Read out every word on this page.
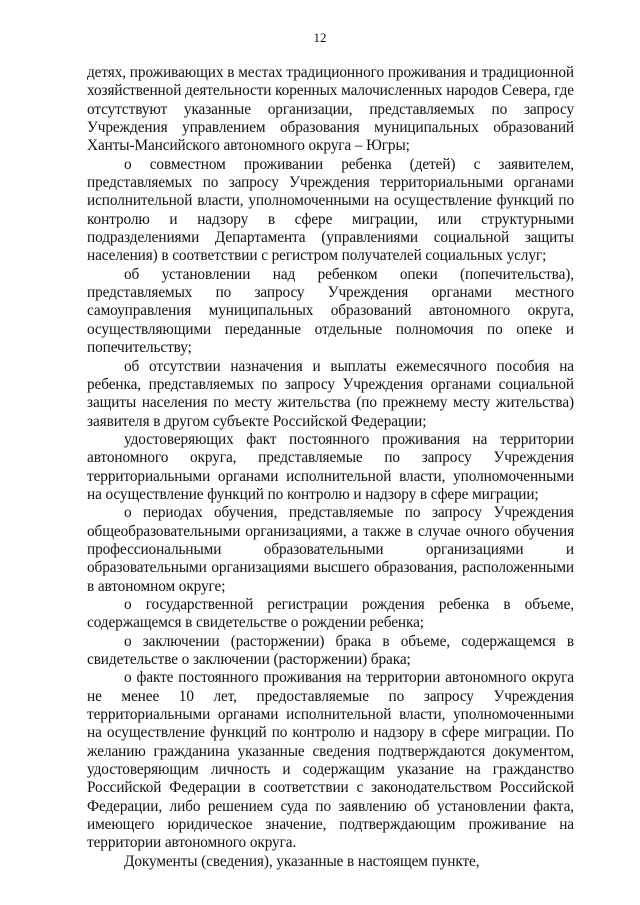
12

детях, проживающих в местах традиционного проживания и традиционной хозяйственной деятельности коренных малочисленных народов Севера, где отсутствуют указанные организации, представляемых по запросу Учреждения управлением образования муниципальных образований Ханты-Мансийского автономного округа – Югры;

о совместном проживании ребенка (детей) с заявителем, представляемых по запросу Учреждения территориальными органами исполнительной власти, уполномоченными на осуществление функций по контролю и надзору в сфере миграции, или структурными подразделениями Департамента (управлениями социальной защиты населения) в соответствии с регистром получателей социальных услуг;

об установлении над ребенком опеки (попечительства), представляемых по запросу Учреждения органами местного самоуправления муниципальных образований автономного округа, осуществляющими переданные отдельные полномочия по опеке и попечительству;

об отсутствии назначения и выплаты ежемесячного пособия на ребенка, представляемых по запросу Учреждения органами социальной защиты населения по месту жительства (по прежнему месту жительства) заявителя в другом субъекте Российской Федерации;

удостоверяющих факт постоянного проживания на территории автономного округа, представляемые по запросу Учреждения территориальными органами исполнительной власти, уполномоченными на осуществление функций по контролю и надзору в сфере миграции;

о периодах обучения, представляемые по запросу Учреждения общеобразовательными организациями, а также в случае очного обучения профессиональными образовательными организациями и образовательными организациями высшего образования, расположенными в автономном округе;

о государственной регистрации рождения ребенка в объеме, содержащемся в свидетельстве о рождении ребенка;

о заключении (расторжении) брака в объеме, содержащемся в свидетельстве о заключении (расторжении) брака;

о факте постоянного проживания на территории автономного округа не менее 10 лет, предоставляемые по запросу Учреждения территориальными органами исполнительной власти, уполномоченными на осуществление функций по контролю и надзору в сфере миграции. По желанию гражданина указанные сведения подтверждаются документом, удостоверяющим личность и содержащим указание на гражданство Российской Федерации в соответствии с законодательством Российской Федерации, либо решением суда по заявлению об установлении факта, имеющего юридическое значение, подтверждающим проживание на территории автономного округа.

Документы (сведения), указанные в настоящем пункте,
